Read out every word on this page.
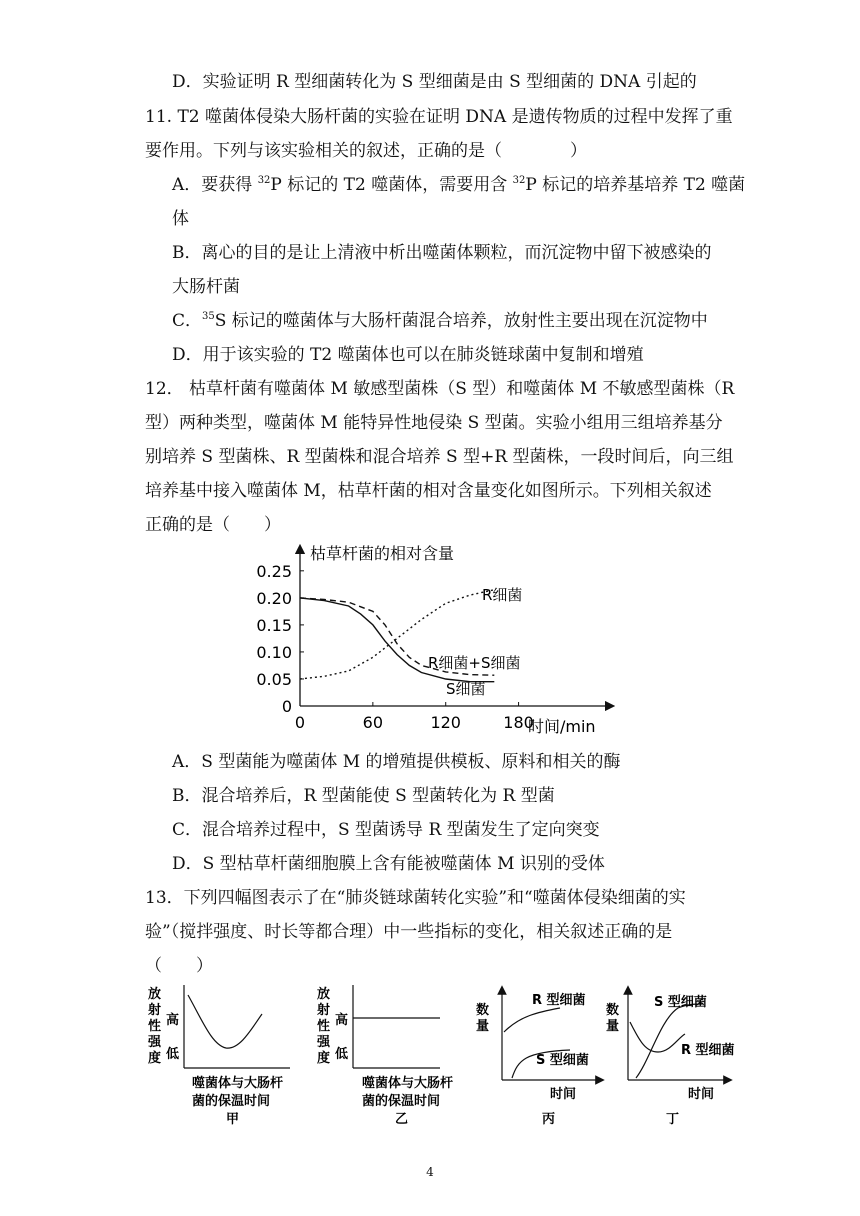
D．实验证明 R 型细菌转化为 S 型细菌是由 S 型细菌的 DNA 引起的
11. T2 噬菌体侵染大肠杆菌的实验在证明 DNA 是遗传物质的过程中发挥了重
要作用。下列与该实验相关的叙述，正确的是（　　　　）
A．要获得 $^{32}$P 标记的 T2 噬菌体，需要用含 $^{32}$P 标记的培养基培养 T2 噬菌
体
B．离心的目的是让上清液中析出噬菌体颗粒，而沉淀物中留下被感染的
大肠杆菌
C．$^{35}$S 标记的噬菌体与大肠杆菌混合培养，放射性主要出现在沉淀物中
D．用于该实验的 T2 噬菌体也可以在肺炎链球菌中复制和增殖
12． 枯草杆菌有噬菌体 M 敏感型菌株（S 型）和噬菌体 M 不敏感型菌株（R
型）两种类型，噬菌体 M 能特异性地侵染 S 型菌。实验小组用三组培养基分
别培养 S 型菌株、R 型菌株和混合培养 S 型+R 型菌株，一段时间后，向三组
培养基中接入噬菌体 M，枯草杆菌的相对含量变化如图所示。下列相关叙述
正确的是（　　）
枯草杆菌的相对含量
时间/min
0
0.05
0.10
0.15
0.20
0.25
0	60	120	180
R细菌
R细菌+S细菌
S细菌
A．S 型菌能为噬菌体 M 的增殖提供模板、原料和相关的酶
B．混合培养后，R 型菌能使 S 型菌转化为 R 型菌
C．混合培养过程中，S 型菌诱导 R 型菌发生了定向突变
D．S 型枯草杆菌细胞膜上含有能被噬菌体 M 识别的受体
13．下列四幅图表示了在“肺炎链球菌转化实验”和“噬菌体侵染细菌的实
验”（搅拌强度、时长等都合理）中一些指标的变化，相关叙述正确的是
（　　）
放
射
性
强
度
高
低
噬菌体与大肠杆
菌的保温时间
甲
放
射
性
强
度
高
低
噬菌体与大肠杆
菌的保温时间
乙
数
量
R 型细菌
S 型细菌
时间
丙
数
量
S 型细菌
R 型细菌
时间
丁
4
